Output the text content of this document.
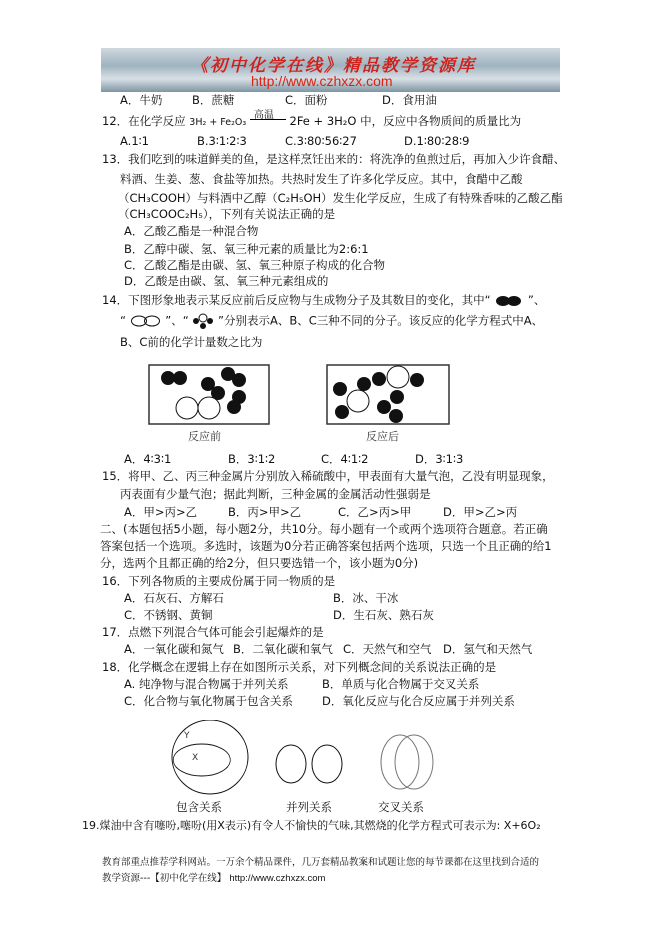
《初中化学在线》精品教学资源库
http://www.czhxzx.com
A．牛奶	B．蔗糖	C．面粉	D．食用油
12．在化学反应 3H₂ + Fe₂O₃
高温 2Fe + 3H₂O 中，反应中各物质间的质量比为
A.1∶1	B.3∶1∶2∶3	C.3∶80∶56∶27	D.1∶80∶28∶9
13．我们吃到的味道鲜美的鱼，是这样烹饪出来的：将洗净的鱼煎过后，再加入少许食醋、
料酒、生姜、葱、食盐等加热。共热时发生了许多化学反应。其中，食醋中乙酸
（CH₃COOH）与料酒中乙醇（C₂H₅OH）发生化学反应，生成了有特殊香味的乙酸乙酯
（CH₃COOC₂H₅），下列有关说法正确的是
A．乙酸乙酯是一种混合物
B．乙醇中碳、氢、氧三种元素的质量比为2:6:1
C．乙酸乙酯是由碳、氢、氧三种原子构成的化合物
D．乙酸是由碳、氢、氧三种元素组成的
14．下图形象地表示某反应前后反应物与生成物分子及其数目的变化，其中“	”、
“	”、“	”分别表示A、B、C三种不同的分子。该反应的化学方程式中A、
B、C前的化学计量数之比为
反应前	反应后
A．4∶3∶1	B．3∶1∶2	C．4∶1∶2	D．3∶1∶3
15．将甲、乙、丙三种金属片分别放入稀硫酸中，甲表面有大量气泡，乙没有明显现象，
丙表面有少量气泡；据此判断，三种金属的金属活动性强弱是
A．甲>丙>乙	B．丙>甲>乙	C．乙>丙>甲	D．甲>乙>丙
二、(本题包括5小题，每小题2分，共10分。每小题有一个或两个选项符合题意。若正确
答案包括一个选项。多选时，该题为0分若正确答案包括两个选项，只选一个且正确的给1
分，选两个且都正确的给2分，但只要选错一个，该小题为0分)
16．下列各物质的主要成份属于同一物质的是
A．石灰石、方解石	B．冰、干冰
C．不锈钢、黄铜	D．生石灰、熟石灰
17．点燃下列混合气体可能会引起爆炸的是
A．一氧化碳和氮气 B．二氧化碳和氧气 C．天然气和空气 D．氢气和天然气
18．化学概念在逻辑上存在如图所示关系，对下列概念间的关系说法正确的是
A. 纯净物与混合物属于并列关系	B．单质与化合物属于交叉关系
C．化合物与氧化物属于包含关系	D．氧化反应与化合反应属于并列关系
Y
X
包含关系	并列关系	交叉关系
19.煤油中含有噻吩,噻吩(用X表示)有令人不愉快的气味,其燃烧的化学方程式可表示为: X+6O₂
教育部重点推荐学科网站。一万余个精品课件，几万套精品教案和试题让您的每节课都在这里找到合适的
教学资源---【初中化学在线】 http://www.czhxzx.com
